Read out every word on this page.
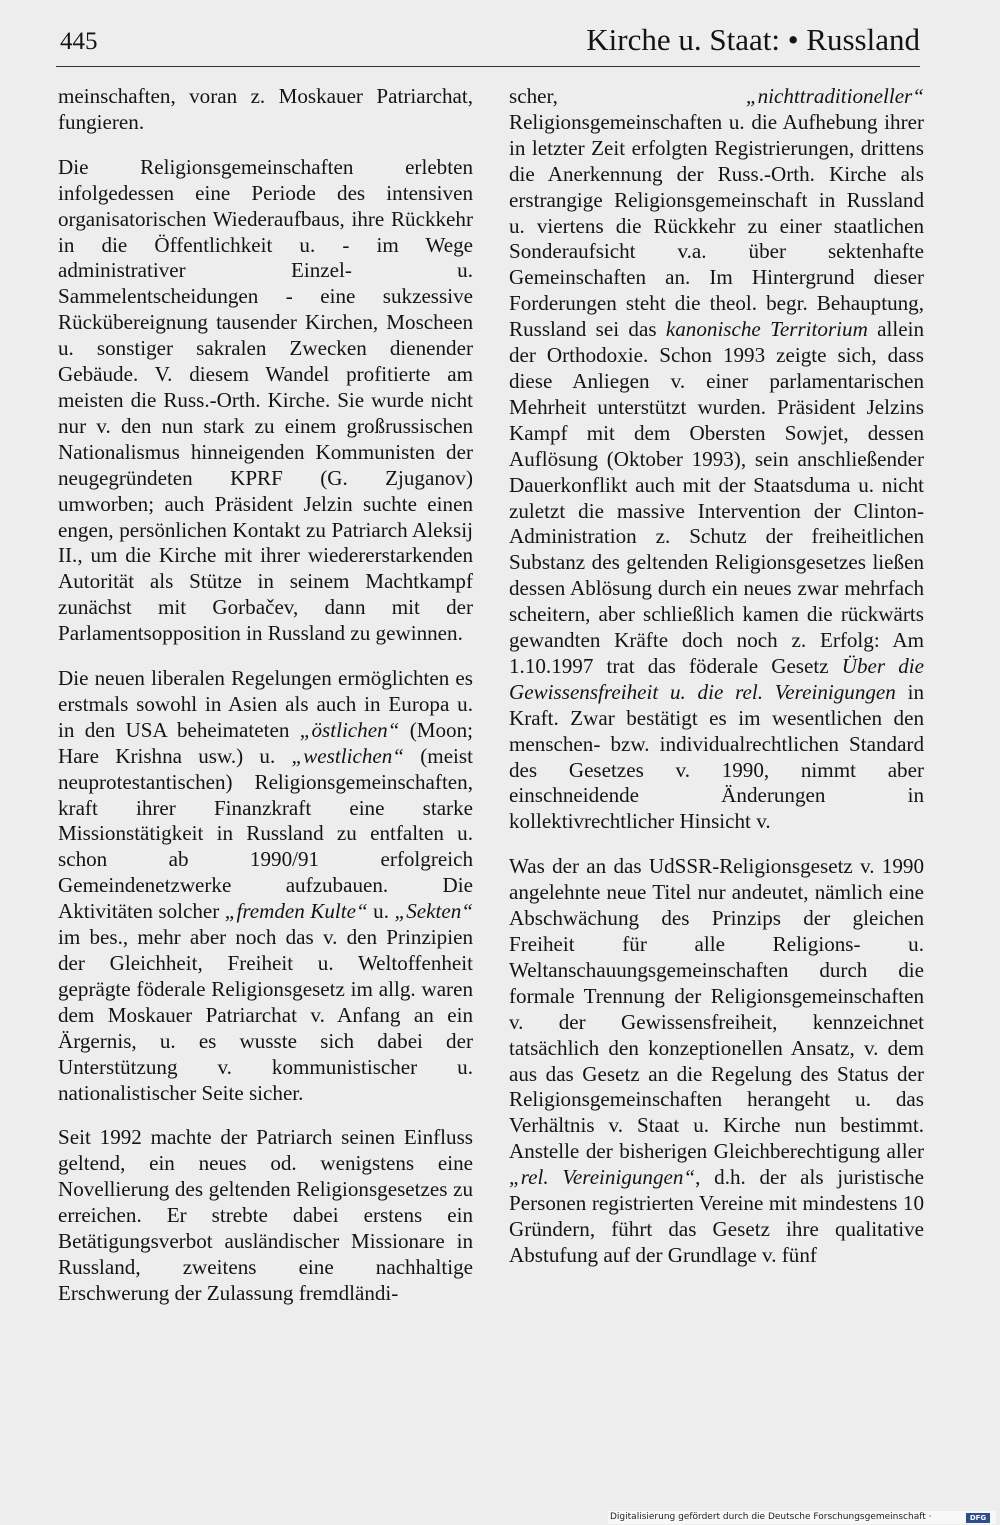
445	Kirche u. Staat: • Russland

meinschaften, voran z. Moskauer Patriarchat, fungieren.

Die Religionsgemeinschaften erlebten infolgedessen eine Periode des intensiven organisatorischen Wiederaufbaus, ihre Rückkehr in die Öffentlichkeit u. - im Wege administrativer Einzel- u. Sammelentscheidungen - eine sukzessive Rückübereignung tausender Kirchen, Moscheen u. sonstiger sakralen Zwecken dienender Gebäude. V. diesem Wandel profitierte am meisten die Russ.-Orth. Kirche. Sie wurde nicht nur v. den nun stark zu einem großrussischen Nationalismus hinneigenden Kommunisten der neugegründeten KPRF (G. Zjuganov) umworben; auch Präsident Jelzin suchte einen engen, persönlichen Kontakt zu Patriarch Aleksij II., um die Kirche mit ihrer wiedererstarkenden Autorität als Stütze in seinem Machtkampf zunächst mit Gorbačev, dann mit der Parlamentsopposition in Russland zu gewinnen.

Die neuen liberalen Regelungen ermöglichten es erstmals sowohl in Asien als auch in Europa u. in den USA beheimateten „östlichen“ (Moon; Hare Krishna usw.) u. „westlichen“ (meist neuprotestantischen) Religionsgemeinschaften, kraft ihrer Finanzkraft eine starke Missionstätigkeit in Russland zu entfalten u. schon ab 1990/91 erfolgreich Gemeindenetzwerke aufzubauen. Die Aktivitäten solcher „fremden Kulte“ u. „Sekten“ im bes., mehr aber noch das v. den Prinzipien der Gleichheit, Freiheit u. Weltoffenheit geprägte föderale Religionsgesetz im allg. waren dem Moskauer Patriarchat v. Anfang an ein Ärgernis, u. es wusste sich dabei der Unterstützung v. kommunistischer u. nationalistischer Seite sicher.

Seit 1992 machte der Patriarch seinen Einfluss geltend, ein neues od. wenigstens eine Novellierung des geltenden Religionsgesetzes zu erreichen. Er strebte dabei erstens ein Betätigungsverbot ausländischer Missionare in Russland, zweitens eine nachhaltige Erschwerung der Zulassung fremdländi-

scher, „nichttraditioneller“ Religionsgemeinschaften u. die Aufhebung ihrer in letzter Zeit erfolgten Registrierungen, drittens die Anerkennung der Russ.-Orth. Kirche als erstrangige Religionsgemeinschaft in Russland u. viertens die Rückkehr zu einer staatlichen Sonderaufsicht v.a. über sektenhafte Gemeinschaften an. Im Hintergrund dieser Forderungen steht die theol. begr. Behauptung, Russland sei das kanonische Territorium allein der Orthodoxie. Schon 1993 zeigte sich, dass diese Anliegen v. einer parlamentarischen Mehrheit unterstützt wurden. Präsident Jelzins Kampf mit dem Obersten Sowjet, dessen Auflösung (Oktober 1993), sein anschließender Dauerkonflikt auch mit der Staatsduma u. nicht zuletzt die massive Intervention der Clinton-Administration z. Schutz der freiheitlichen Substanz des geltenden Religionsgesetzes ließen dessen Ablösung durch ein neues zwar mehrfach scheitern, aber schließlich kamen die rückwärts gewandten Kräfte doch noch z. Erfolg: Am 1.10.1997 trat das föderale Gesetz Über die Gewissensfreiheit u. die rel. Vereinigungen in Kraft. Zwar bestätigt es im wesentlichen den menschen- bzw. individualrechtlichen Standard des Gesetzes v. 1990, nimmt aber einschneidende Änderungen in kollektivrechtlicher Hinsicht v.

Was der an das UdSSR-Religionsgesetz v. 1990 angelehnte neue Titel nur andeutet, nämlich eine Abschwächung des Prinzips der gleichen Freiheit für alle Religions- u. Weltanschauungsgemeinschaften durch die formale Trennung der Religionsgemeinschaften v. der Gewissensfreiheit, kennzeichnet tatsächlich den konzeptionellen Ansatz, v. dem aus das Gesetz an die Regelung des Status der Religionsgemeinschaften herangeht u. das Verhältnis v. Staat u. Kirche nun bestimmt. Anstelle der bisherigen Gleichberechtigung aller „rel. Vereinigungen“, d.h. der als juristische Personen registrierten Vereine mit mindestens 10 Gründern, führt das Gesetz ihre qualitative Abstufung auf der Grundlage v. fünf

Digitalisierung gefördert durch die Deutsche Forschungsgemeinschaft ·	DFG
